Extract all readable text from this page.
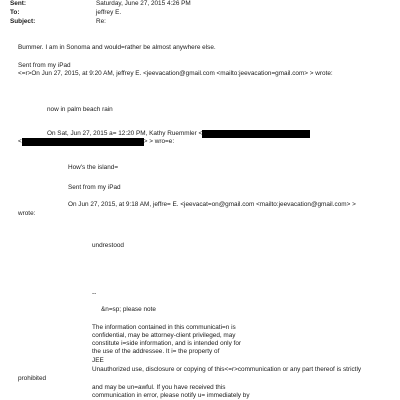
Sent:	Saturday, June 27, 2015 4:26 PM
To:	jeffrey E.
Subject:	Re:
Bummer. I am in Sonoma and would=rather be almost anywhere else.
Sent from my iPad
<=r>On Jun 27, 2015, at 9:20 AM, jeffrey E. <jeevacation@gmail.com <mailto:jeevacation=gmail.com> > wrote:
now in palm beach rain
On Sat, Jun 27, 2015 a= 12:20 PM, Kathy Ruemmler <
<	> > wro=e:
How's the island=
Sent from my iPad
On Jun 27, 2015, at 9:18 AM, jeffre= E. <jeevacat=on@gmail.com <mailto:jeevacation@gmail.com> >
wrote:
undrestood
--
&n=sp; please note
The information contained in this communicati=n is
confidential, may be attorney-client privileged, may
constitute i=side information, and is intended only for
the use of the addressee. It i= the property of
JEE
Unauthorized use, disclosure or copying of this<=r>communication or any part thereof is strictly
prohibited
and may be un=awful. If you have received this
communication in error, please notify u= immediately by
